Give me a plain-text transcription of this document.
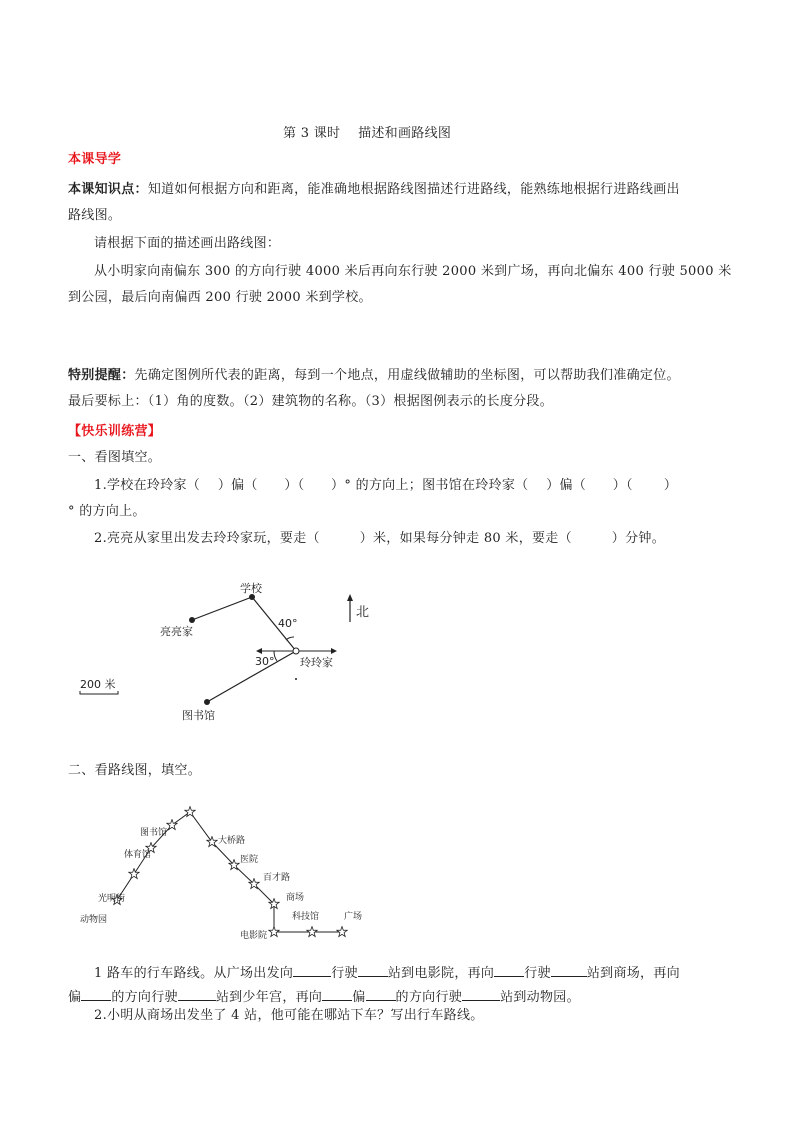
第 3 课时　 描述和画路线图
本课导学
本课知识点：知道如何根据方向和距离，能准确地根据路线图描述行进路线，能熟练地根据行进路线画出
路线图。
请根据下面的描述画出路线图：
从小明家向南偏东 300 的方向行驶 4000 米后再向东行驶 2000 米到广场，再向北偏东 400 行驶 5000 米
到公园，最后向南偏西 200 行驶 2000 米到学校。
特别提醒：先确定图例所代表的距离，每到一个地点，用虚线做辅助的坐标图，可以帮助我们准确定位。
最后要标上：（1）角的度数。（2）建筑物的名称。（3）根据图例表示的长度分段。
【快乐训练营】
一、看图填空。
1.学校在玲玲家（　 ）偏（　　）（　　）° 的方向上；图书馆在玲玲家（　 ）偏（　　）（　　 ）
° 的方向上。
2.亮亮从家里出发去玲玲家玩，要走（　　　）米，如果每分钟走 80 米，要走（　　　）分钟。
北
学校
亮亮家
玲玲家
图书馆
40°
30°
200 米
二、看路线图，填空。
图书馆
体育馆
光明街
动物园
大桥路
医院
百才路
商场
电影院
科技馆	广场
1 路车的行车路线。从广场出发向	行驶 站到电影院，再向 行驶	站到商场，再向
偏 的方向行驶	站到少年宫，再向 偏 的方向行驶	站到动物园。
2.小明从商场出发坐了 4 站，他可能在哪站下车？写出行车路线。
